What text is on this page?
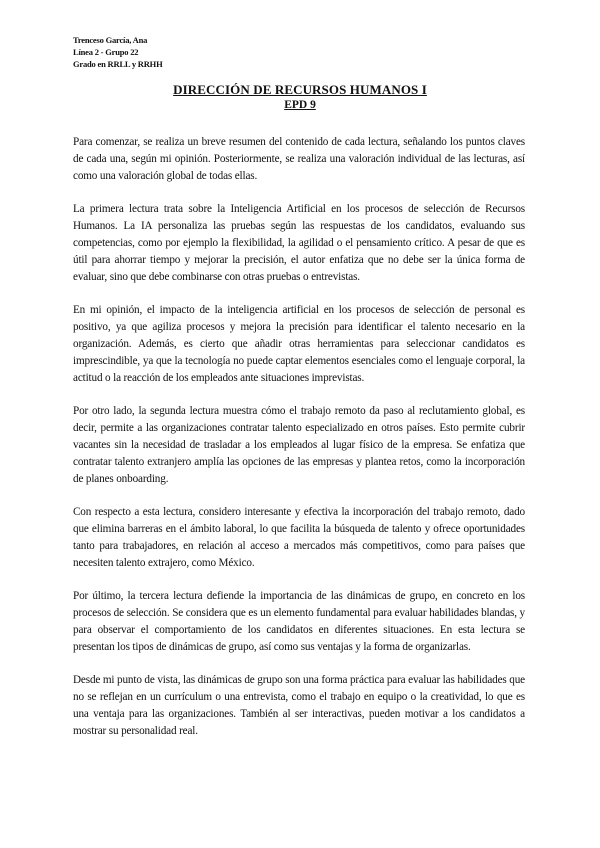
Trenceso García, Ana
Línea 2 - Grupo 22
Grado en RRLL y RRHH
DIRECCIÓN DE RECURSOS HUMANOS I
EPD 9

Para comenzar, se realiza un breve resumen del contenido de cada lectura, señalando los puntos claves de cada una, según mi opinión. Posteriormente, se realiza una valoración individual de las lecturas, así como una valoración global de todas ellas.

La primera lectura trata sobre la Inteligencia Artificial en los procesos de selección de Recursos Humanos. La IA personaliza las pruebas según las respuestas de los candidatos, evaluando sus competencias, como por ejemplo la flexibilidad, la agilidad o el pensamiento crítico. A pesar de que es útil para ahorrar tiempo y mejorar la precisión, el autor enfatiza que no debe ser la única forma de evaluar, sino que debe combinarse con otras pruebas o entrevistas.

En mi opinión, el impacto de la inteligencia artificial en los procesos de selección de personal es positivo, ya que agiliza procesos y mejora la precisión para identificar el talento necesario en la organización. Además, es cierto que añadir otras herramientas para seleccionar candidatos es imprescindible, ya que la tecnología no puede captar elementos esenciales como el lenguaje corporal, la actitud o la reacción de los empleados ante situaciones imprevistas.

Por otro lado, la segunda lectura muestra cómo el trabajo remoto da paso al reclutamiento global, es decir, permite a las organizaciones contratar talento especializado en otros países. Esto permite cubrir vacantes sin la necesidad de trasladar a los empleados al lugar físico de la empresa. Se enfatiza que contratar talento extranjero amplía las opciones de las empresas y plantea retos, como la incorporación de planes onboarding.

Con respecto a esta lectura, considero interesante y efectiva la incorporación del trabajo remoto, dado que elimina barreras en el ámbito laboral, lo que facilita la búsqueda de talento y ofrece oportunidades tanto para trabajadores, en relación al acceso a mercados más competitivos, como para países que necesiten talento extrajero, como México.

Por último, la tercera lectura defiende la importancia de las dinámicas de grupo, en concreto en los procesos de selección. Se considera que es un elemento fundamental para evaluar habilidades blandas, y para observar el comportamiento de los candidatos en diferentes situaciones. En esta lectura se presentan los tipos de dinámicas de grupo, así como sus ventajas y la forma de organizarlas.

Desde mi punto de vista, las dinámicas de grupo son una forma práctica para evaluar las habilidades que no se reflejan en un currículum o una entrevista, como el trabajo en equipo o la creatividad, lo que es una ventaja para las organizaciones. También al ser interactivas, pueden motivar a los candidatos a mostrar su personalidad real.
